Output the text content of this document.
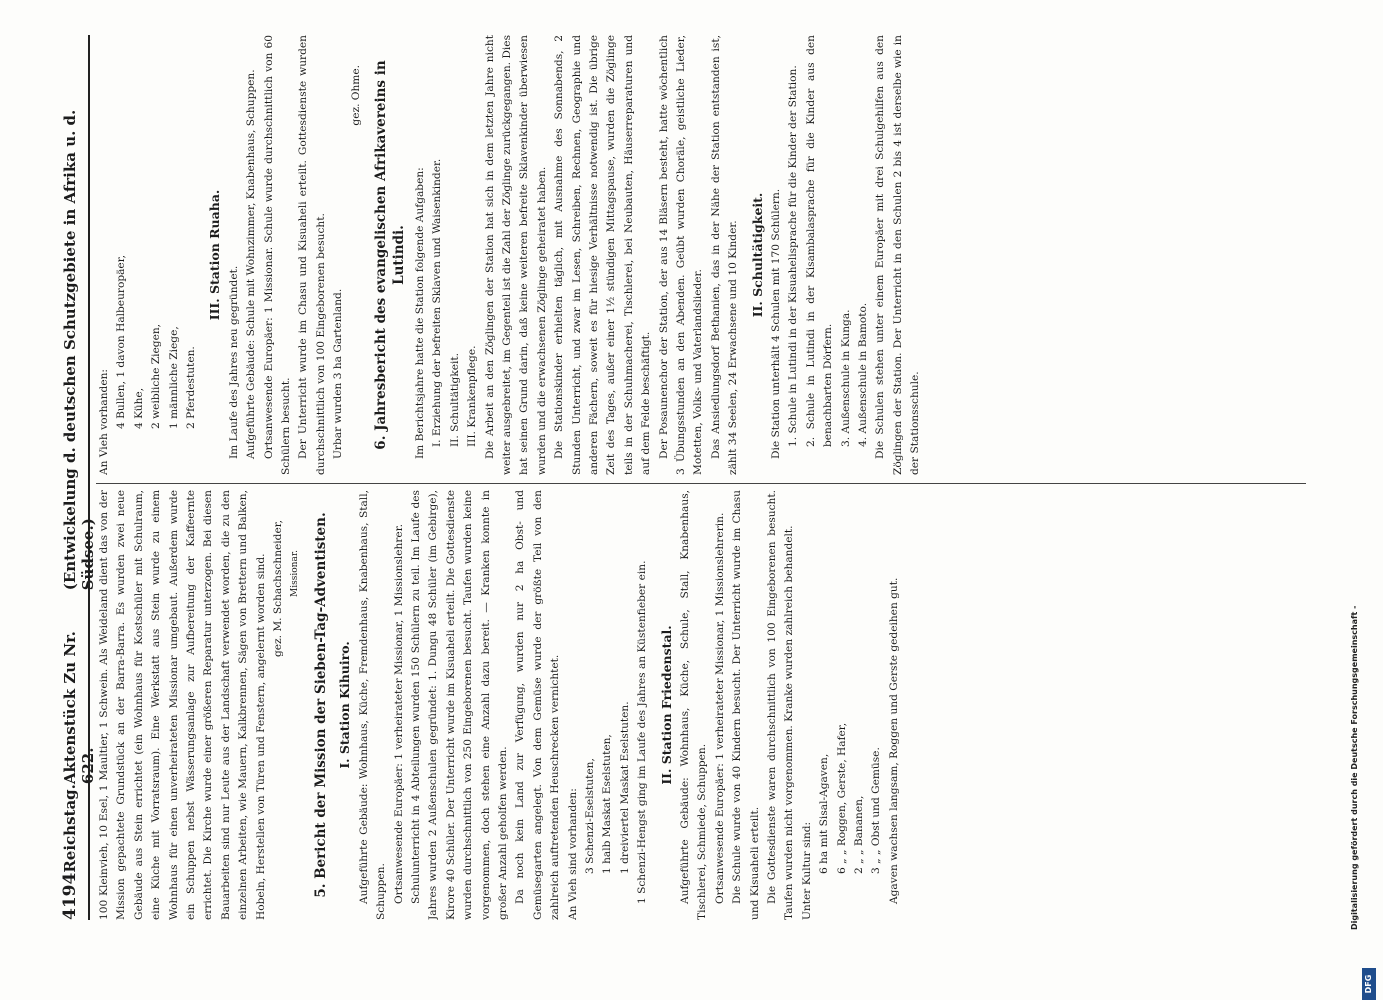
4194
Reichstag.
Aktenstück Zu Nr. 622.
(Entwickelung d. deutschen Schutzgebiete in Afrika u. d. Südsee.) 100 Kleinvieh, 10 Esel, 1 Maultier, 1 Schwein. Als Weideland dient das von der Mission gepachtete Grundstück an der Barra-Barra. Es wurden zwei neue Gebäude aus Stein errichtet (ein Wohnhaus für Kostschüler mit Schulraum, eine Küche mit Vorratsraum). Eine Werkstatt aus Stein wurde zu einem Wohnhaus für einen unverheirateten Missionar umgebaut. Außerdem wurde ein Schuppen nebst Wässerungsanlage zur Aufbereitung der Kaffeernte errichtet. Die Kirche wurde einer größeren Reparatur unterzogen. Bei diesen Bauarbeiten sind nur Leute aus der Landschaft verwendet worden, die zu den einzelnen Arbeiten, wie Mauern, Kalkbrennen, Sägen von Brettern und Balken, Hobeln, Herstellen von Türen und Fenstern, angelernt worden sind. gez. M. Schachschneider, Missionar. 5. Bericht der Mission der Sieben-Tag-Adventisten. I. Station Kihuiro. Aufgeführte Gebäude: Wohnhaus, Küche, Fremdenhaus, Knabenhaus, Stall, Schuppen. Ortsanwesende Europäer: 1 verheirateter Missionar, 1 Missionslehrer. Schulunterricht in 4 Abteilungen wurden 150 Schülern zu teil. Im Laufe des Jahres wurden 2 Außenschulen gegründet: 1. Dungu 48 Schüler (im Gebirge), Kirore 40 Schüler. Der Unterricht wurde im Kisuaheli erteilt. Die Gottesdienste wurden durchschnittlich von 250 Eingeborenen besucht. Taufen wurden keine vorgenommen, doch stehen eine Anzahl dazu bereit. — Kranken konnte in großer Anzahl geholfen werden. Da noch kein Land zur Verfügung, wurden nur 2 ha Obst- und Gemüsegarten angelegt. Von dem Gemüse wurde der größte Teil von den zahlreich auftretenden Heuschrecken vernichtet. An Vieh sind vorhanden: 3 Schenzi-Eselstuten, 1 halb Maskat Eselstuten, 1 dreiviertel Maskat Eselstuten. 1 Schenzi-Hengst ging im Laufe des Jahres an Küstenfieber ein. II. Station Friedenstal. Aufgeführte Gebäude: Wohnhaus, Küche, Schule, Stall, Knabenhaus, Tischlerei, Schmiede, Schuppen. Ortsanwesende Europäer: 1 verheirateter Missionar, 1 Missionslehrerin. Die Schule wurde von 40 Kindern besucht. Der Unterricht wurde im Chasu und Kisuaheli erteilt. Die Gottesdienste waren durchschnittlich von 100 Eingeborenen besucht. Taufen wurden nicht vorgenommen. Kranke wurden zahlreich behandelt. Unter Kultur sind: 6 ha mit Sisal-Agaven, 6 „ „ Roggen, Gerste, Hafer, 2 „ „ Bananen, 3 „ „ Obst und Gemüse. Agaven wachsen langsam, Roggen und Gerste gedeihen gut.

An Vieh vorhanden: 4 Bullen, 1 davon Halbeuropäer, 4 Kühe, 2 weibliche Ziegen, 1 männliche Ziege, 2 Pferdestuten.

III. Station Ruaha.

Im Laufe des Jahres neu gegründet. Aufgeführte Gebäude: Schule mit Wohnzimmer, Knabenhaus, Schuppen. Ortsanwesende Europäer: 1 Missionar. Schule wurde durchschnittlich von 60 Schülern besucht. Der Unterricht wurde im Chasu und Kisuaheli erteilt. Gottesdienste wurden durchschnittlich von 100 Eingeborenen besucht. Urbar wurden 3 ha Gartenland.

gez. Ohme. 6. Jahresbericht des evangelischen Afrikavereins in Lutindi. Im Berichtsjahre hatte die Station folgende Aufgaben: I. Erziehung der befreiten Sklaven und Waisenkinder. II. Schultätigkeit. III. Krankenpflege. Die Arbeit an den Zöglingen der Station hat sich in dem letzten Jahre nicht weiter ausgebreitet, im Gegenteil ist die Zahl der Zöglinge zurückgegangen. Dies hat seinen Grund darin, daß keine weiteren befreite Sklavenkinder überwiesen wurden und die erwachsenen Zöglinge geheiratet haben. Die Stationskinder erhielten täglich, mit Ausnahme des Sonnabends, 2 Stunden Unterricht, und zwar im Lesen, Schreiben, Rechnen, Geographie und anderen Fächern, soweit es für hiesige Verhältnisse notwendig ist. Die übrige Zeit des Tages, außer einer 1½ stündigen Mittagspause, wurden die Zöglinge teils in der Schuhmacherei, Tischlerei, bei Neubauten, Häuserreparaturen und auf dem Felde beschäftigt. Der Posaunenchor der Station, der aus 14 Bläsern besteht, hatte wöchentlich 3 Übungsstunden an den Abenden. Geübt wurden Choräle, geistliche Lieder, Motetten, Volks- und Vaterlandslieder. Das Ansiedlungsdorf Bethanien, das in der Nähe der Station entstanden ist, zählt 34 Seelen, 24 Erwachsene und 10 Kinder. II. Schultätigkeit. Die Station unterhält 4 Schulen mit 170 Schülern. 1. Schule in Lutindi in der Kisuahelisprache für die Kinder der Station. 2. Schule in Lutindi in der Kisambalasprache für die Kinder aus den benachbarten Dörfern. 3. Außenschule in Kunga. 4. Außenschule in Bamoto. Die Schulen stehen unter einem Europäer mit drei Schulgehilfen aus den Zöglingen der Station. Der Unterricht in den Schulen 2 bis 4 ist derselbe wie in der Stationsschule.

Digitalisierung gefördert durch die Deutsche Forschungsgemeinschaft -
DFG
